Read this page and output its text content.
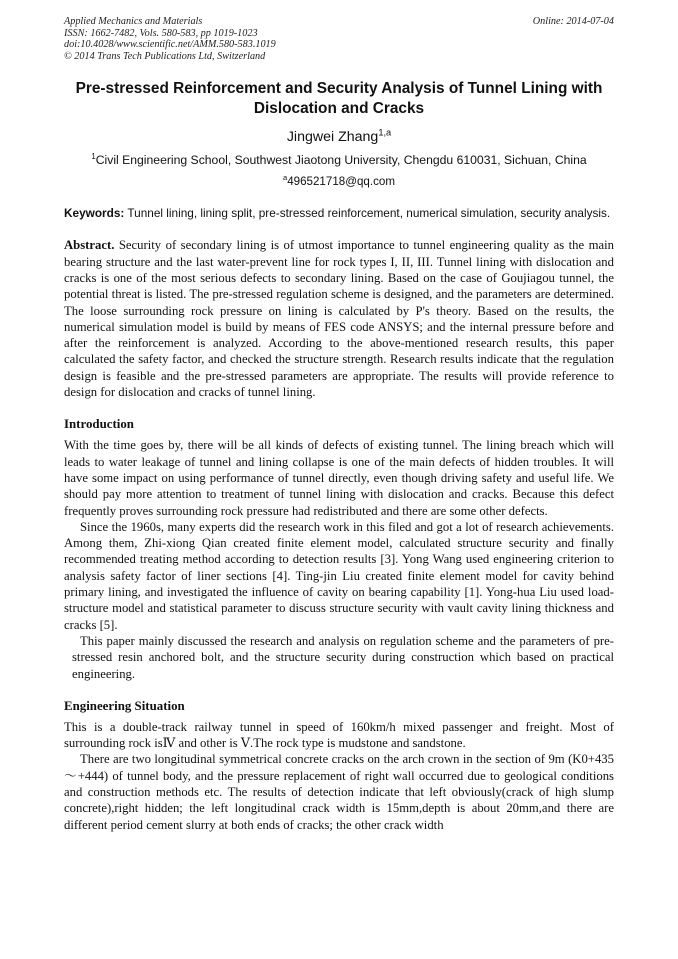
Applied Mechanics and Materials
ISSN: 1662-7482, Vols. 580-583, pp 1019-1023
doi:10.4028/www.scientific.net/AMM.580-583.1019
© 2014 Trans Tech Publications Ltd, Switzerland
Online: 2014-07-04
Pre-stressed Reinforcement and Security Analysis of Tunnel Lining with Dislocation and Cracks
Jingwei Zhang$^{1,a}$
$^1$Civil Engineering School, Southwest Jiaotong University, Chengdu 610031, Sichuan, China
$^a$496521718@qq.com
Keywords: Tunnel lining, lining split, pre-stressed reinforcement, numerical simulation, security analysis.
Abstract. Security of secondary lining is of utmost importance to tunnel engineering quality as the main bearing structure and the last water-prevent line for rock types I, II, III. Tunnel lining with dislocation and cracks is one of the most serious defects to secondary lining. Based on the case of Goujiagou tunnel, the potential threat is listed. The pre-stressed regulation scheme is designed, and the parameters are determined. The loose surrounding rock pressure on lining is calculated by P's theory. Based on the results, the numerical simulation model is build by means of FES code ANSYS; and the internal pressure before and after the reinforcement is analyzed. According to the above-mentioned research results, this paper calculated the safety factor, and checked the structure strength. Research results indicate that the regulation design is feasible and the pre-stressed parameters are appropriate. The results will provide reference to design for dislocation and cracks of tunnel lining.
Introduction

With the time goes by, there will be all kinds of defects of existing tunnel. The lining breach which will leads to water leakage of tunnel and lining collapse is one of the main defects of hidden troubles. It will have some impact on using performance of tunnel directly, even though driving safety and useful life. We should pay more attention to treatment of tunnel lining with dislocation and cracks. Because this defect frequently proves surrounding rock pressure had redistributed and there are some other defects.

Since the 1960s, many experts did the research work in this filed and got a lot of research achievements. Among them, Zhi-xiong Qian created finite element model, calculated structure security and finally recommended treating method according to detection results [3]. Yong Wang used engineering criterion to analysis safety factor of liner sections [4]. Ting-jin Liu created finite element model for cavity behind primary lining, and investigated the influence of cavity on bearing capability [1]. Yong-hua Liu used load-structure model and statistical parameter to discuss structure security with vault cavity lining thickness and cracks [5].

This paper mainly discussed the research and analysis on regulation scheme and the parameters of pre-stressed resin anchored bolt, and the structure security during construction which based on practical engineering.

Engineering Situation

This is a double-track railway tunnel in speed of 160km/h mixed passenger and freight. Most of surrounding rock isⅣ and other is Ⅴ.The rock type is mudstone and sandstone.

There are two longitudinal symmetrical concrete cracks on the arch crown in the section of 9m (K0+435～+444) of tunnel body, and the pressure replacement of right wall occurred due to geological conditions and construction methods etc. The results of detection indicate that left obviously(crack of high slump concrete),right hidden; the left longitudinal crack width is 15mm,depth is about 20mm,and there are different period cement slurry at both ends of cracks; the other crack width
